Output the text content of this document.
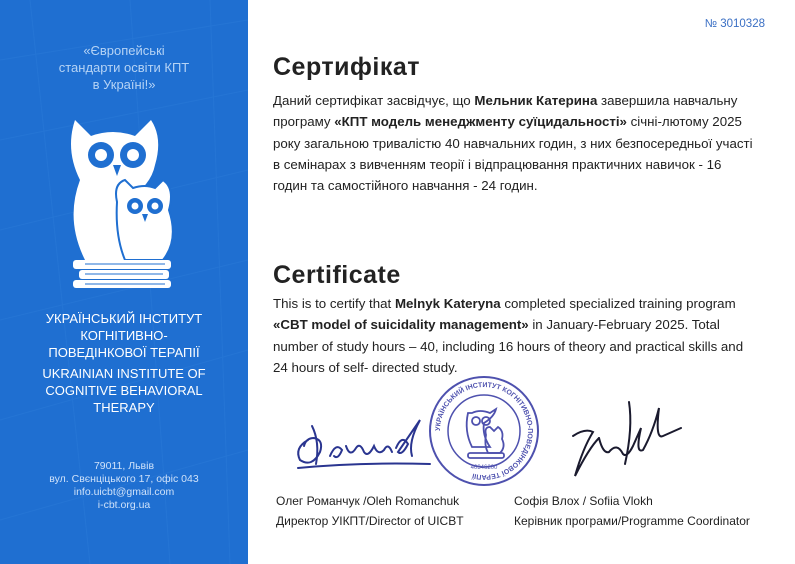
«Європейські
стандарти освіти КПТ
в Україні!»
УКРАЇНСЬКИЙ ІНСТИТУТ
КОГНІТИВНО-
ПОВЕДІНКОВОЇ ТЕРАПІЇ
UKRAINIAN INSTITUTE OF
COGNITIVE BEHAVIORAL
THERAPY
79011, Львів
вул. Свєнціцького 17, офіс 043
info.uicbt@gmail.com
i-cbt.org.ua
№ 3010328
Сертифікат
Даний сертифікат засвідчує, що Мельник Катерина завершила навчальну програму «КПТ модель менеджменту суїцидальності» січні-лютому 2025 року загальною тривалістю 40 навчальних годин, з них безпосередньої участі в семінарах з вивченням теорії і відпрацювання практичних навичок - 16 годин та самостійного навчання - 24 годин.
Certificate
This is to certify that Melnyk Kateryna completed specialized training program «CBT model of suicidality management» in January-February 2025. Total number of study hours – 40, including 16 hours of theory and practical skills and 24 hours of self- directed study.
УКРАЇНСЬКИЙ ІНСТИТУТ КОГНІТИВНО-ПОВЕДІНКОВОЇ ТЕРАПІЇ
40346200
Олег Романчук /Oleh Romanchuk
Директор УІКПТ/Director of UICBT
Софія Влох / Sofiia Vlokh
Керівник програми/Programme Coordinator
